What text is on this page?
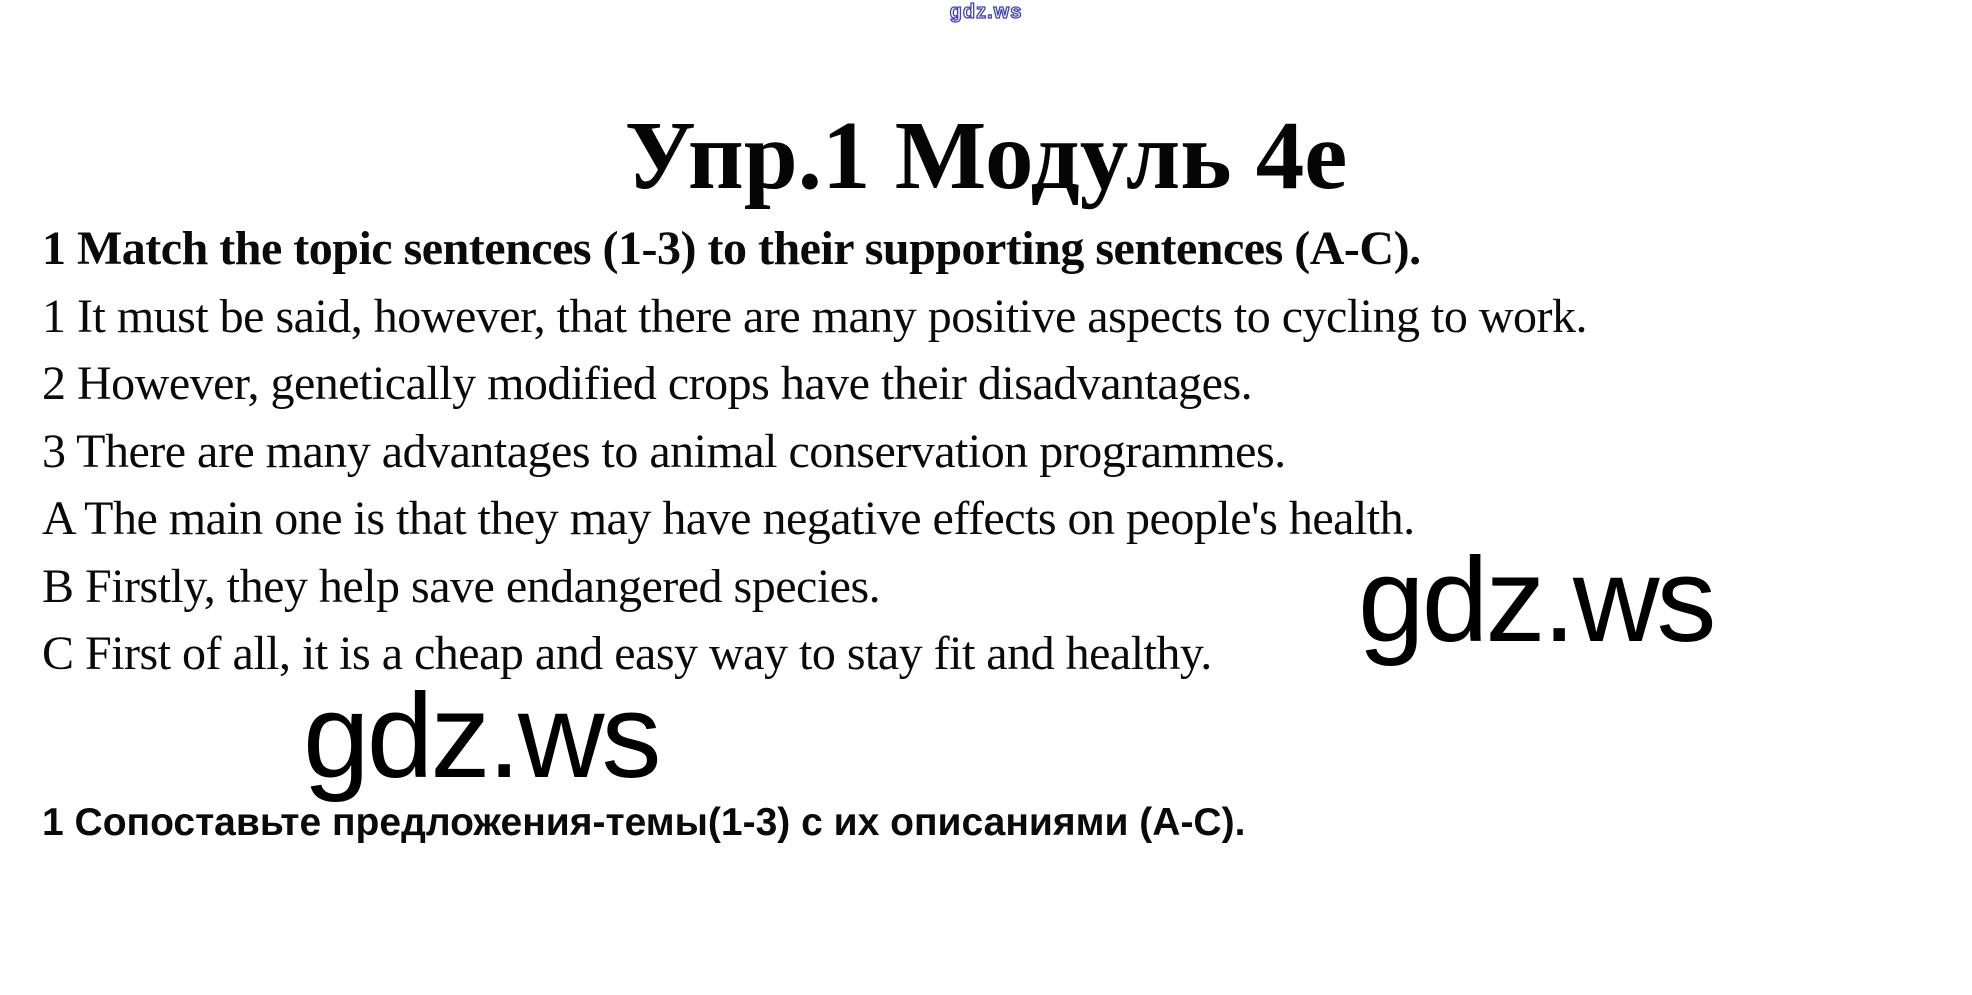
gdz.ws
Упр.1 Модуль 4e
1 Match the topic sentences (1-3) to their supporting sentences (A-C).
1 It must be said, however, that there are many positive aspects to cycling to work.
2 However, genetically modified crops have their disadvantages.
3 There are many advantages to animal conservation programmes.
A The main one is that they may have negative effects on people's health.
B Firstly, they help save endangered species.
C First of all, it is a cheap and easy way to stay fit and healthy.	gdz.ws
gdz.ws
1 Сопоставьте предложения-темы(1-3) с их описаниями (A-C).
